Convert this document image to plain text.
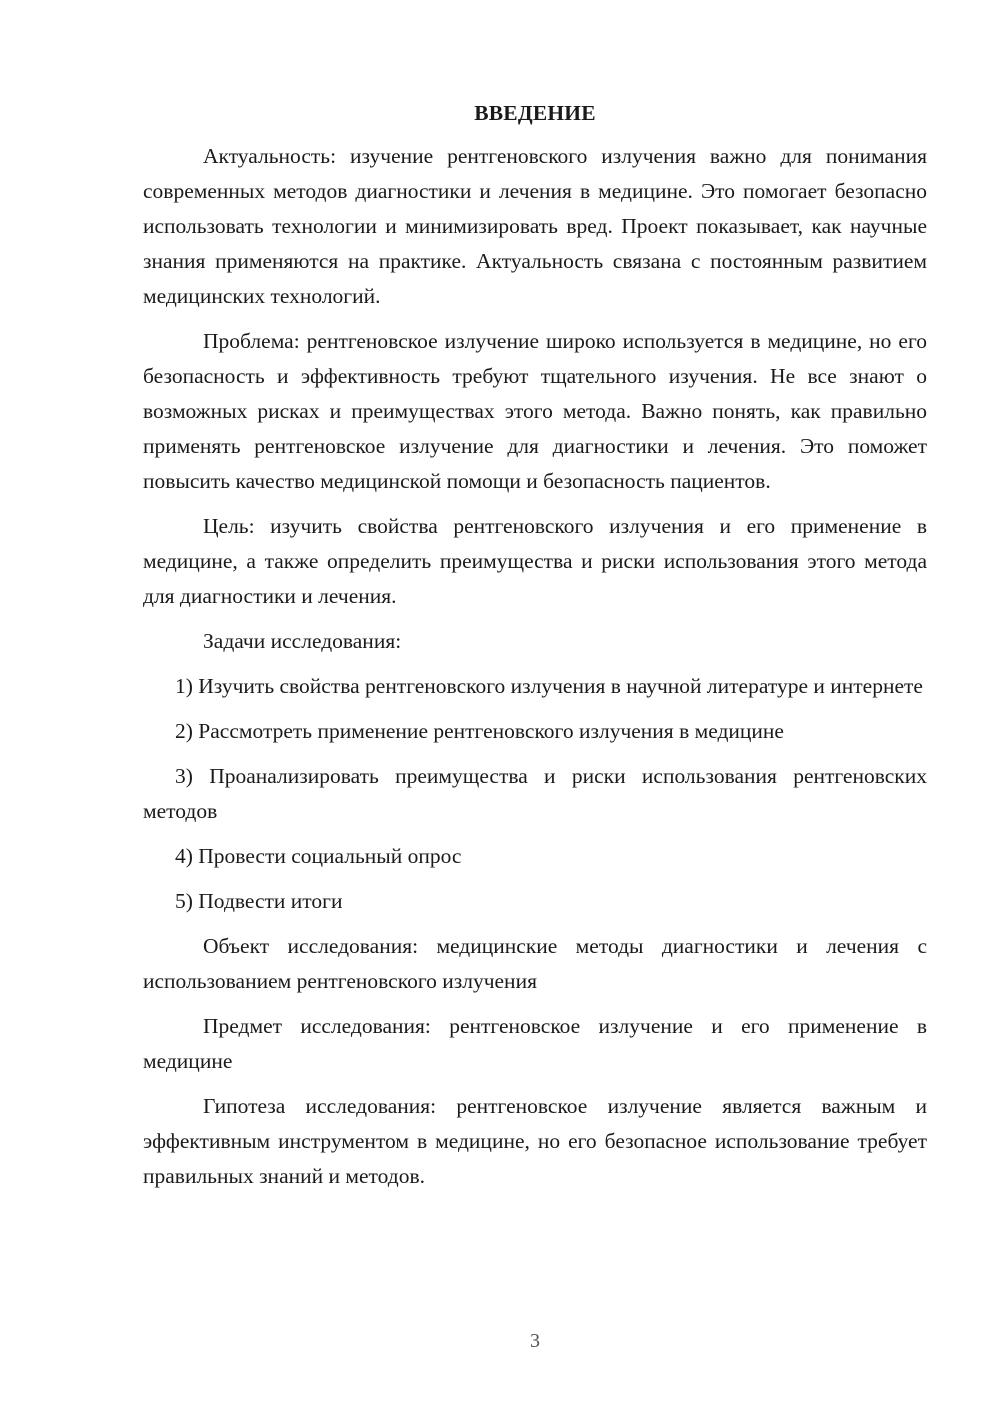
ВВЕДЕНИЕ

Актуальность: изучение рентгеновского излучения важно для понимания современных методов диагностики и лечения в медицине. Это помогает безопасно использовать технологии и минимизировать вред. Проект показывает, как научные знания применяются на практике. Актуальность связана с постоянным развитием медицинских технологий.

Проблема: рентгеновское излучение широко используется в медицине, но его безопасность и эффективность требуют тщательного изучения. Не все знают о возможных рисках и преимуществах этого метода. Важно понять, как правильно применять рентгеновское излучение для диагностики и лечения. Это поможет повысить качество медицинской помощи и безопасность пациентов.

Цель: изучить свойства рентгеновского излучения и его применение в медицине, а также определить преимущества и риски использования этого метода для диагностики и лечения.

Задачи исследования:

1) Изучить свойства рентгеновского излучения в научной литературе и интернете

2) Рассмотреть применение рентгеновского излучения в медицине

3) Проанализировать преимущества и риски использования рентгеновских методов

4) Провести социальный опрос

5) Подвести итоги

Объект исследования: медицинские методы диагностики и лечения с использованием рентгеновского излучения

Предмет исследования: рентгеновское излучение и его применение в медицине

Гипотеза исследования: рентгеновское излучение является важным и эффективным инструментом в медицине, но его безопасное использование требует правильных знаний и методов.

3
